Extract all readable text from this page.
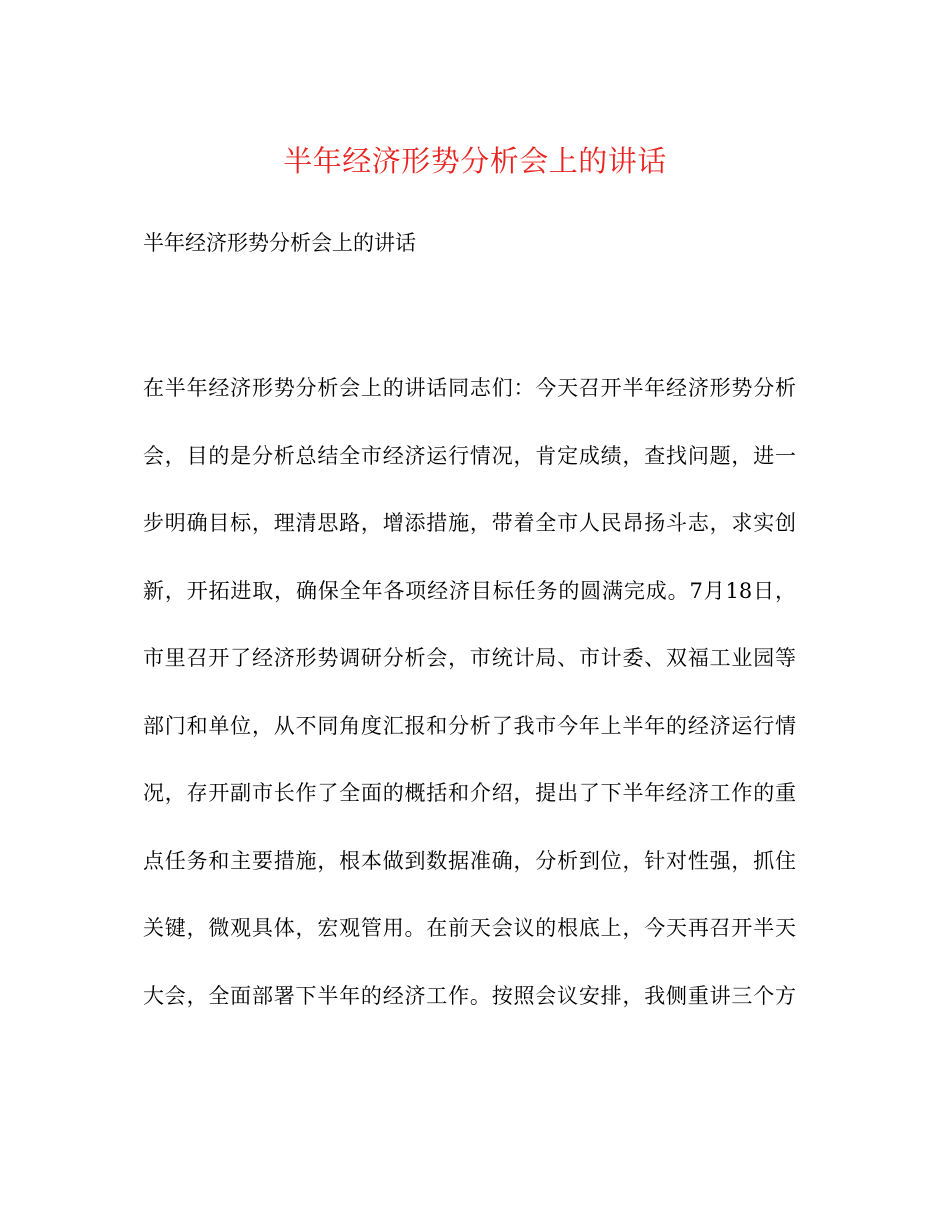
半年经济形势分析会上的讲话
半年经济形势分析会上的讲话
在半年经济形势分析会上的讲话同志们：今天召开半年经济形势分析
会，目的是分析总结全市经济运行情况，肯定成绩，查找问题，进一
步明确目标，理清思路，增添措施，带着全市人民昂扬斗志，求实创
新，开拓进取，确保全年各项经济目标任务的圆满完成。7月18日，
市里召开了经济形势调研分析会，市统计局、市计委、双福工业园等
部门和单位，从不同角度汇报和分析了我市今年上半年的经济运行情
况，存开副市长作了全面的概括和介绍，提出了下半年经济工作的重
点任务和主要措施，根本做到数据准确，分析到位，针对性强，抓住
关键，微观具体，宏观管用。在前天会议的根底上，今天再召开半天
大会，全面部署下半年的经济工作。按照会议安排，我侧重讲三个方
